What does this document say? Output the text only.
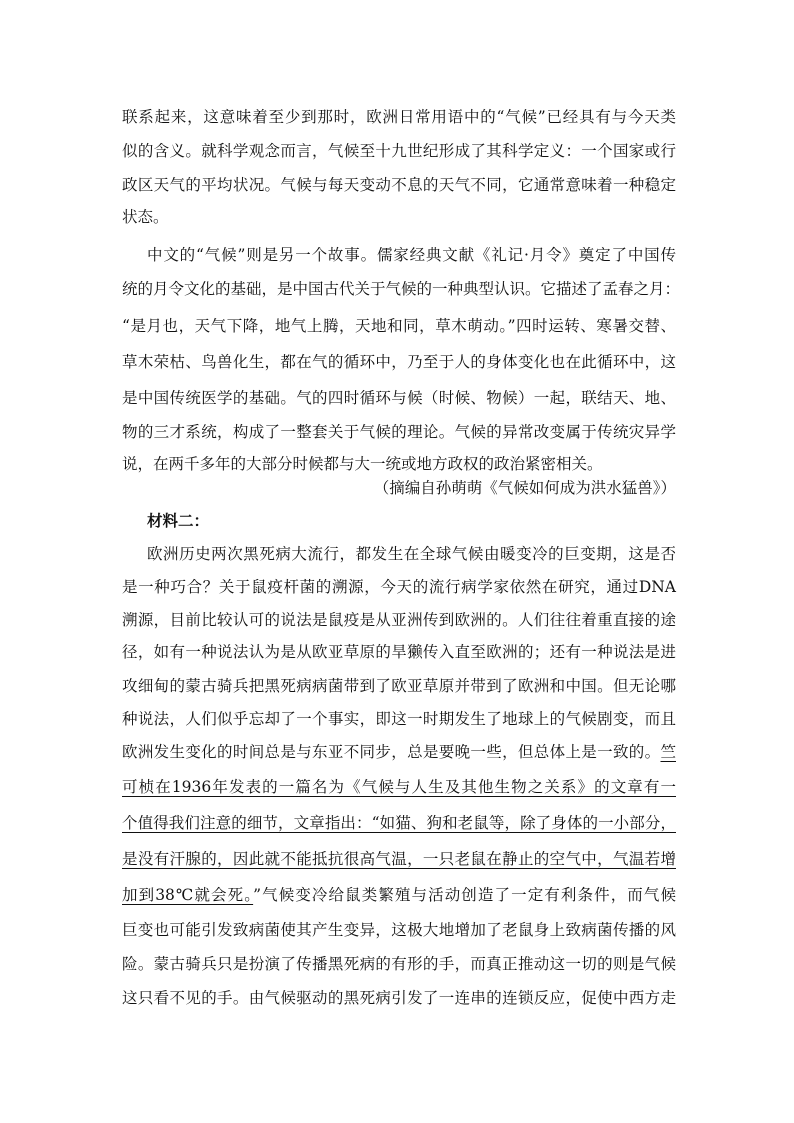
联系起来，这意味着至少到那时，欧洲日常用语中的“气候”已经具有与今天类
似的含义。就科学观念而言，气候至十九世纪形成了其科学定义：一个国家或行
政区天气的平均状况。气候与每天变动不息的天气不同，它通常意味着一种稳定
状态。
中文的“气候”则是另一个故事。儒家经典文献《礼记·月令》奠定了中国传
统的月令文化的基础，是中国古代关于气候的一种典型认识。它描述了孟春之月：
“是月也，天气下降，地气上腾，天地和同，草木萌动。”四时运转、寒暑交替、
草木荣枯、鸟兽化生，都在气的循环中，乃至于人的身体变化也在此循环中，这
是中国传统医学的基础。气的四时循环与候（时候、物候）一起，联结天、地、
物的三才系统，构成了一整套关于气候的理论。气候的异常改变属于传统灾异学
说，在两千多年的大部分时候都与大一统或地方政权的政治紧密相关。
（摘编自孙萌萌《气候如何成为洪水猛兽》）
材料二：
欧洲历史两次黑死病大流行，都发生在全球气候由暖变冷的巨变期，这是否
是一种巧合？关于鼠疫杆菌的溯源，今天的流行病学家依然在研究，通过DNA
溯源，目前比较认可的说法是鼠疫是从亚洲传到欧洲的。人们往往着重直接的途
径，如有一种说法认为是从欧亚草原的旱獭传入直至欧洲的；还有一种说法是进
攻细甸的蒙古骑兵把黑死病病菌带到了欧亚草原并带到了欧洲和中国。但无论哪
种说法，人们似乎忘却了一个事实，即这一时期发生了地球上的气候剧变，而且
欧洲发生变化的时间总是与东亚不同步，总是要晚一些，但总体上是一致的。竺
可桢在1936年发表的一篇名为《气候与人生及其他生物之关系》的文章有一
个值得我们注意的细节，文章指出：“如猫、狗和老鼠等，除了身体的一小部分，
是没有汗腺的，因此就不能抵抗很高气温，一只老鼠在静止的空气中，气温若增
加到38℃就会死。”气候变冷给鼠类繁殖与活动创造了一定有利条件，而气候
巨变也可能引发致病菌使其产生变异，这极大地增加了老鼠身上致病菌传播的风
险。蒙古骑兵只是扮演了传播黑死病的有形的手，而真正推动这一切的则是气候
这只看不见的手。由气候驱动的黑死病引发了一连串的连锁反应，促使中西方走
